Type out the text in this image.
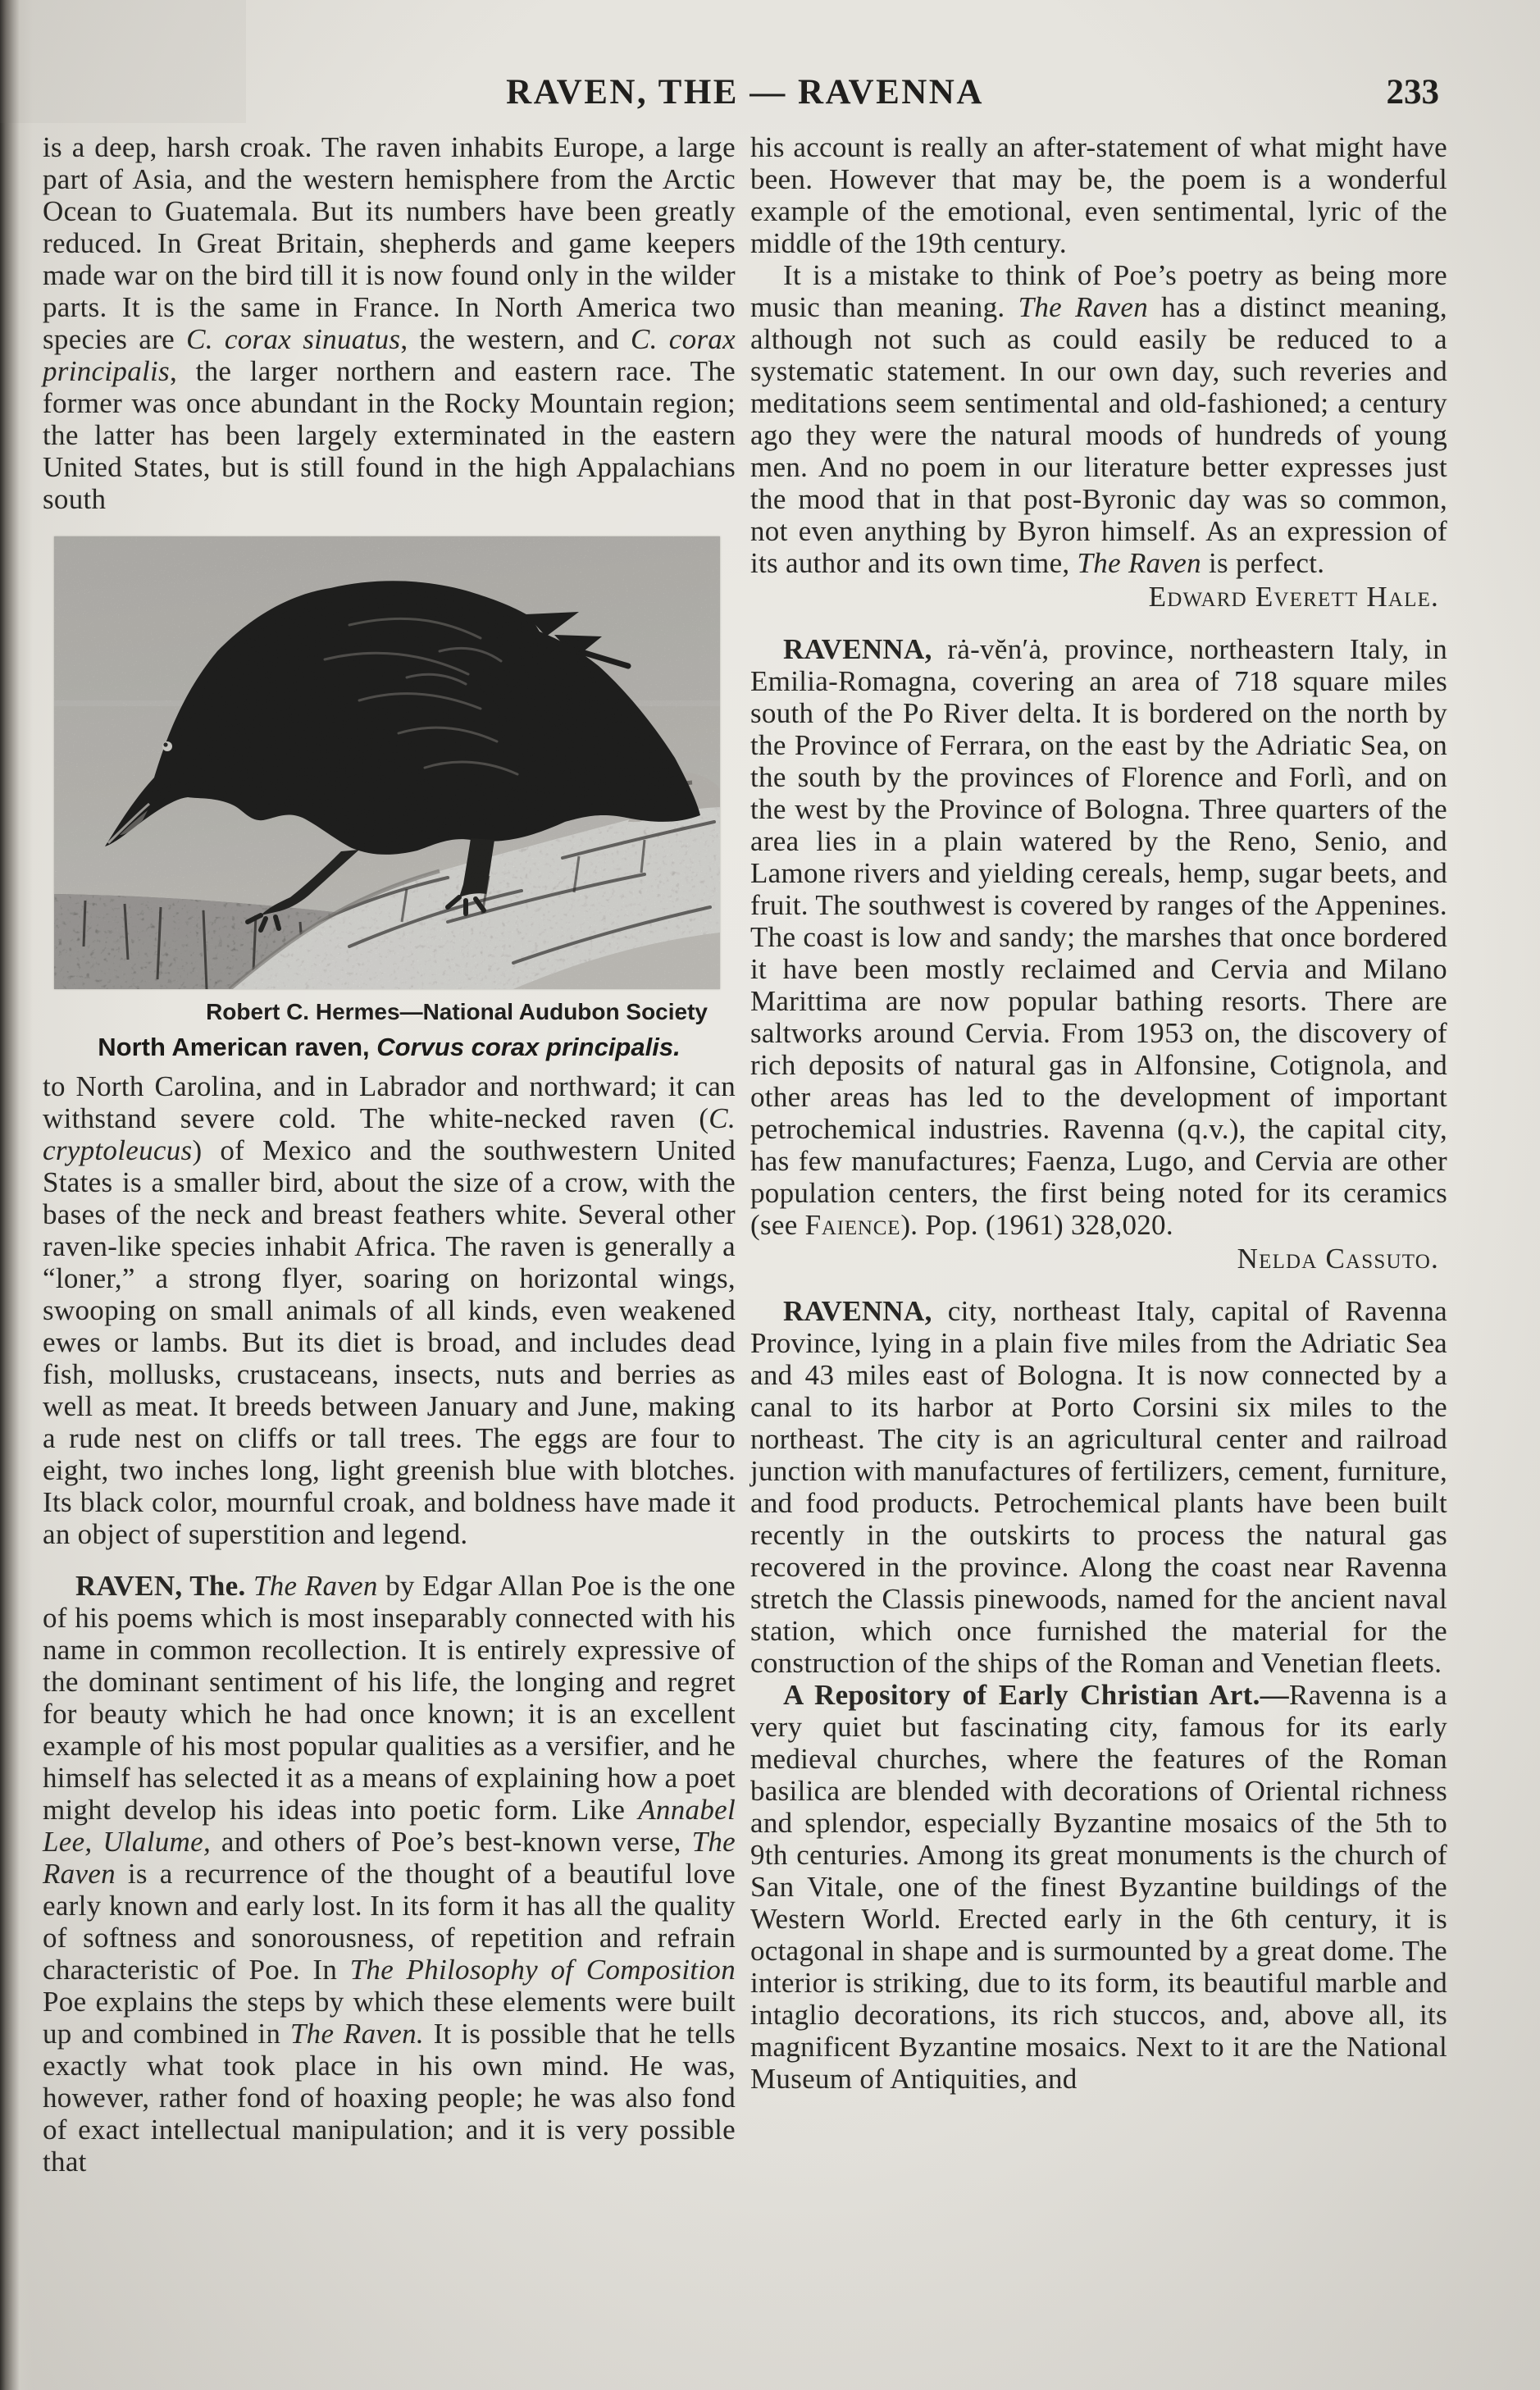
RAVEN, THE — RAVENNA	233

is a deep, harsh croak. The raven inhabits Europe, a large part of Asia, and the western hemisphere from the Arctic Ocean to Guatemala. But its numbers have been greatly reduced. In Great Britain, shepherds and game keepers made war on the bird till it is now found only in the wilder parts. It is the same in France. In North America two species are C. corax sinuatus, the western, and C. corax principalis, the larger northern and eastern race. The former was once abundant in the Rocky Mountain region; the latter has been largely exterminated in the eastern United States, but is still found in the high Appalachians south

Robert C. Hermes—National Audubon Society
North American raven, Corvus corax principalis.

to North Carolina, and in Labrador and northward; it can withstand severe cold. The white-necked raven (C. cryptoleucus) of Mexico and the southwestern United States is a smaller bird, about the size of a crow, with the bases of the neck and breast feathers white. Several other raven-like species inhabit Africa. The raven is generally a “loner,” a strong flyer, soaring on horizontal wings, swooping on small animals of all kinds, even weakened ewes or lambs. But its diet is broad, and includes dead fish, mollusks, crustaceans, insects, nuts and berries as well as meat. It breeds between January and June, making a rude nest on cliffs or tall trees. The eggs are four to eight, two inches long, light greenish blue with blotches. Its black color, mournful croak, and boldness have made it an object of superstition and legend.

RAVEN, The. The Raven by Edgar Allan Poe is the one of his poems which is most inseparably connected with his name in common recollection. It is entirely expressive of the dominant sentiment of his life, the longing and regret for beauty which he had once known; it is an excellent example of his most popular qualities as a versifier, and he himself has selected it as a means of explaining how a poet might develop his ideas into poetic form. Like Annabel Lee, Ulalume, and others of Poe’s best-known verse, The Raven is a recurrence of the thought of a beautiful love early known and early lost. In its form it has all the quality of softness and sonorousness, of repetition and refrain characteristic of Poe. In The Philosophy of Composition Poe explains the steps by which these elements were built up and combined in The Raven. It is possible that he tells exactly what took place in his own mind. He was, however, rather fond of hoaxing people; he was also fond of exact intellectual manipulation; and it is very possible that

his account is really an after-statement of what might have been. However that may be, the poem is a wonderful example of the emotional, even sentimental, lyric of the middle of the 19th century.

It is a mistake to think of Poe’s poetry as being more music than meaning. The Raven has a distinct meaning, although not such as could easily be reduced to a systematic statement. In our own day, such reveries and meditations seem sentimental and old-fashioned; a century ago they were the natural moods of hundreds of young men. And no poem in our literature better expresses just the mood that in that post-Byronic day was so common, not even anything by Byron himself. As an expression of its author and its own time, The Raven is perfect.

Edward Everett Hale.

RAVENNA, rȧ-vĕn′ȧ, province, northeastern Italy, in Emilia-Romagna, covering an area of 718 square miles south of the Po River delta. It is bordered on the north by the Province of Ferrara, on the east by the Adriatic Sea, on the south by the provinces of Florence and Forlì, and on the west by the Province of Bologna. Three quarters of the area lies in a plain watered by the Reno, Senio, and Lamone rivers and yielding cereals, hemp, sugar beets, and fruit. The southwest is covered by ranges of the Appenines. The coast is low and sandy; the marshes that once bordered it have been mostly reclaimed and Cervia and Milano Marittima are now popular bathing resorts. There are saltworks around Cervia. From 1953 on, the discovery of rich deposits of natural gas in Alfonsine, Cotignola, and other areas has led to the development of important petrochemical industries. Ravenna (q.v.), the capital city, has few manufactures; Faenza, Lugo, and Cervia are other population centers, the first being noted for its ceramics (see Faience). Pop. (1961) 328,020.

Nelda Cassuto.

RAVENNA, city, northeast Italy, capital of Ravenna Province, lying in a plain five miles from the Adriatic Sea and 43 miles east of Bologna. It is now connected by a canal to its harbor at Porto Corsini six miles to the northeast. The city is an agricultural center and railroad junction with manufactures of fertilizers, cement, furniture, and food products. Petrochemical plants have been built recently in the outskirts to process the natural gas recovered in the province. Along the coast near Ravenna stretch the Classis pinewoods, named for the ancient naval station, which once furnished the material for the construction of the ships of the Roman and Venetian fleets.

A Repository of Early Christian Art.—Ravenna is a very quiet but fascinating city, famous for its early medieval churches, where the features of the Roman basilica are blended with decorations of Oriental richness and splendor, especially Byzantine mosaics of the 5th to 9th centuries. Among its great monuments is the church of San Vitale, one of the finest Byzantine buildings of the Western World. Erected early in the 6th century, it is octagonal in shape and is surmounted by a great dome. The interior is striking, due to its form, its beautiful marble and intaglio decorations, its rich stuccos, and, above all, its magnificent Byzantine mosaics. Next to it are the National Museum of Antiquities, and
